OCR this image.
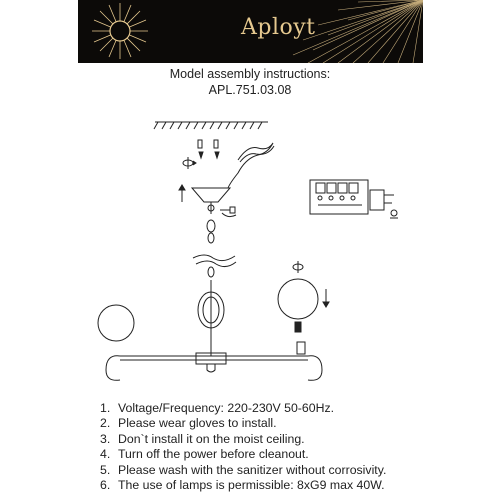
Aployt
Model assembly instructions:
APL.751.03.08
1. Voltage/Frequency: 220-230V 50-60Hz.
2. Please wear gloves to install.
3. Don`t install it on the moist ceiling.
4. Turn off the power before cleanout.
5. Please wash with the sanitizer without corrosivity.
6. The use of lamps is permissible: 8xG9 max 40W.
